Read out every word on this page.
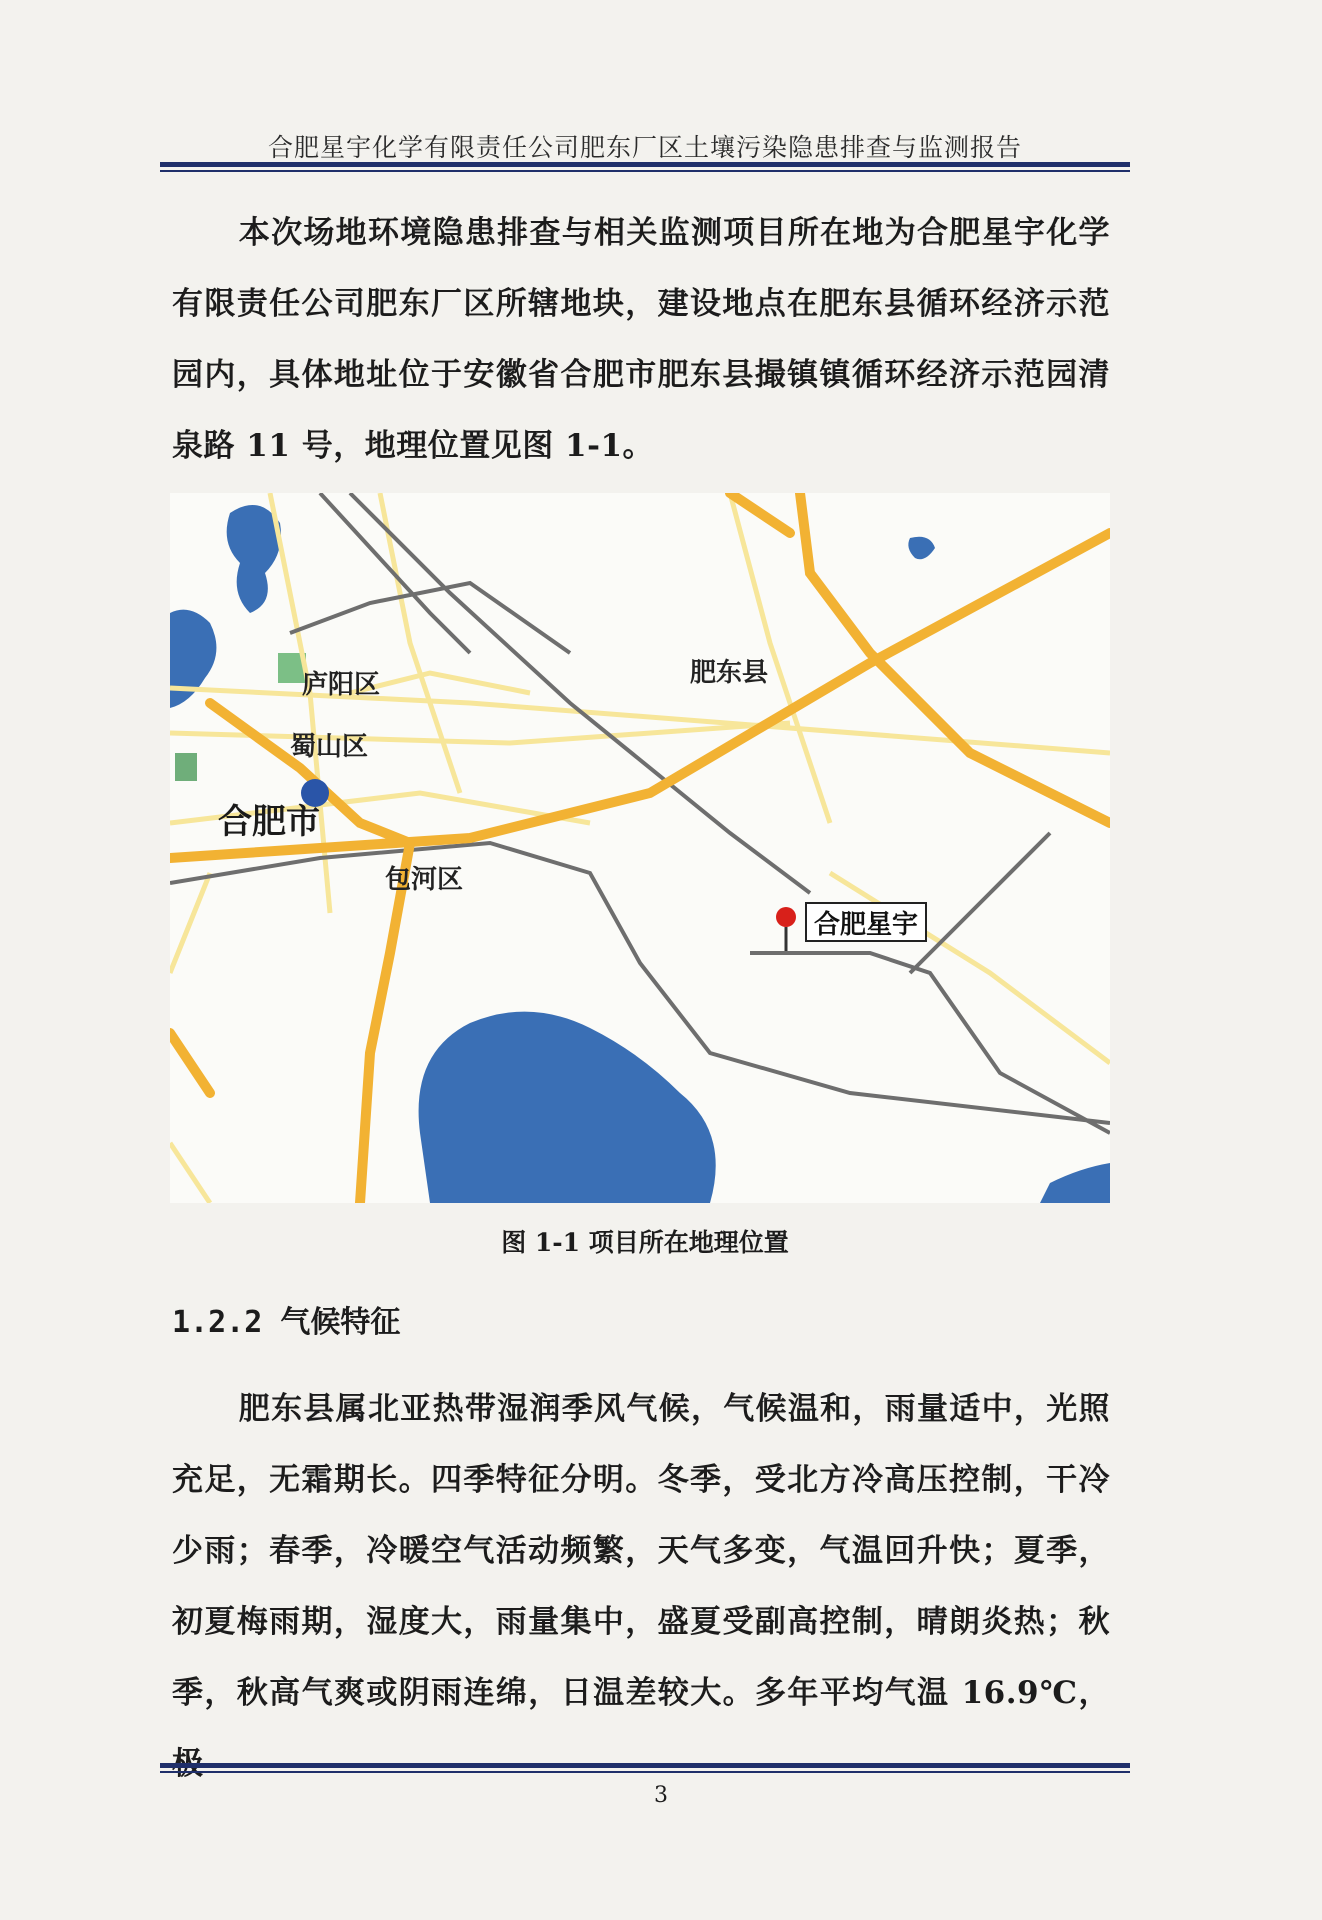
合肥星宇化学有限责任公司肥东厂区土壤污染隐患排查与监测报告

本次场地环境隐患排查与相关监测项目所在地为合肥星宇化学有限责任公司肥东厂区所辖地块，建设地点在肥东县循环经济示范园内，具体地址位于安徽省合肥市肥东县撮镇镇循环经济示范园清泉路 11 号，地理位置见图 1-1。

庐阳区
蜀山区
合肥市
包河区
肥东县
合肥星宇
图 1-1 项目所在地理位置
1.2.2 气候特征

肥东县属北亚热带湿润季风气候，气候温和，雨量适中，光照充足，无霜期长。四季特征分明。冬季，受北方冷高压控制，干冷少雨；春季，冷暖空气活动频繁，天气多变，气温回升快；夏季，初夏梅雨期，湿度大，雨量集中，盛夏受副高控制，晴朗炎热；秋季，秋高气爽或阴雨连绵，日温差较大。多年平均气温 16.9℃，极

3
